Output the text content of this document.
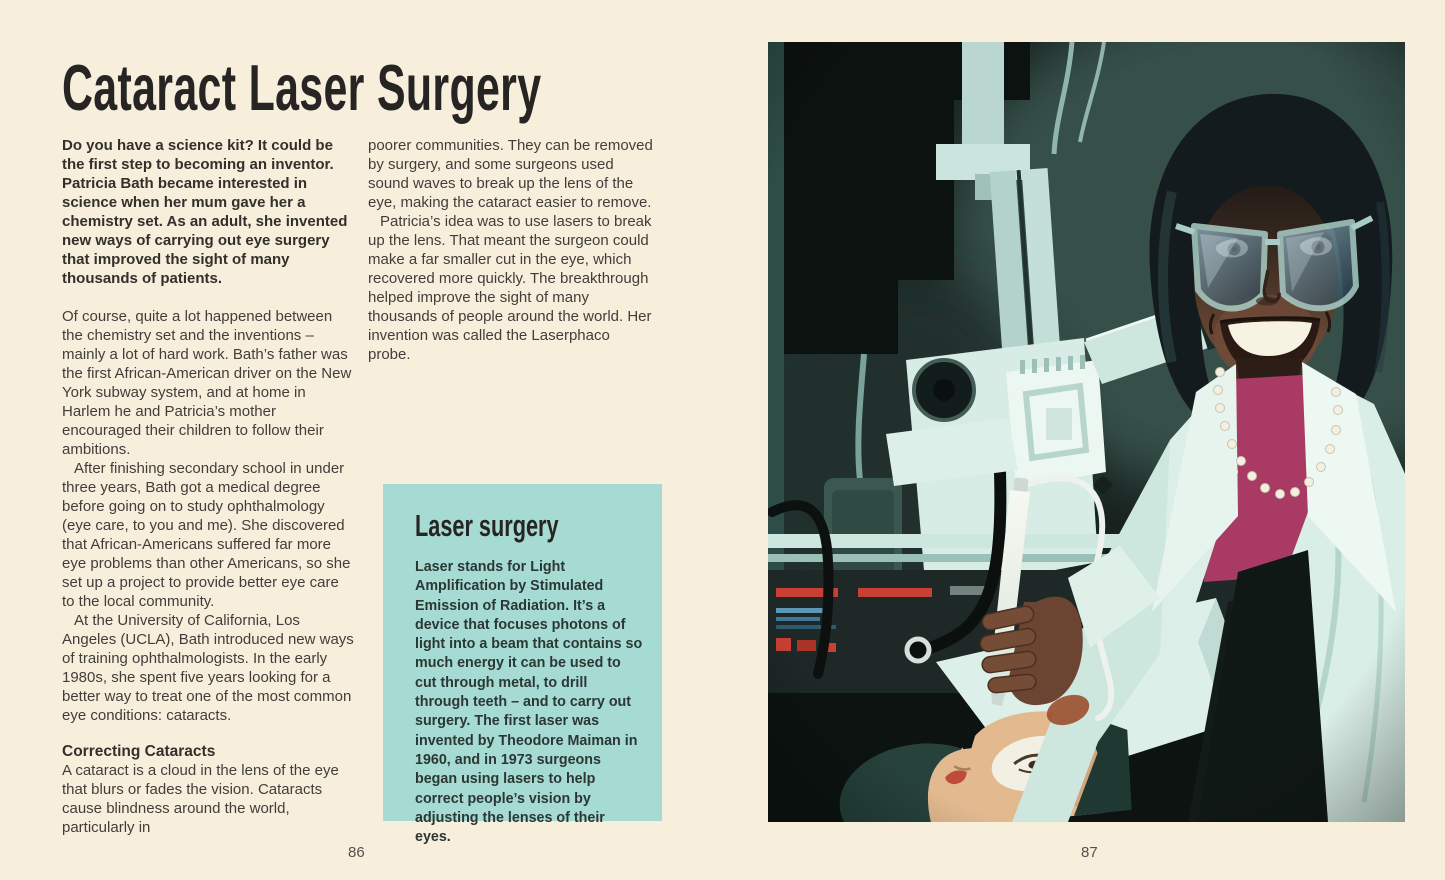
Cataract Laser Surgery

Do you have a science kit? It could be the first step to becoming an inventor. Patricia Bath became interested in science when her mum gave her a chemistry set. As an adult, she invented new ways of carrying out eye surgery that improved the sight of many thousands of patients.

Of course, quite a lot happened between the chemistry set and the inventions – mainly a lot of hard work. Bath’s father was the first African-American driver on the New York subway system, and at home in Harlem he and Patricia’s mother encouraged their children to follow their ambitions.

After finishing secondary school in under three years, Bath got a medical degree before going on to study ophthalmology (eye care, to you and me). She discovered that African-Americans suffered far more eye problems than other Americans, so she set up a project to provide better eye care to the local community.

At the University of California, Los Angeles (UCLA), Bath introduced new ways of training ophthalmologists. In the early 1980s, she spent five years looking for a better way to treat one of the most common eye conditions: cataracts.

Correcting Cataracts

A cataract is a cloud in the lens of the eye that blurs or fades the vision. Cataracts cause blindness around the world, particularly in

poorer communities. They can be removed by surgery, and some surgeons used sound waves to break up the lens of the eye, making the cataract easier to remove.

Patricia’s idea was to use lasers to break up the lens. That meant the surgeon could make a far smaller cut in the eye, which recovered more quickly. The breakthrough helped improve the sight of many thousands of people around the world. Her invention was called the Laserphaco probe.

Laser surgery

Laser stands for Light Amplification by Stimulated Emission of Radiation. It’s a device that focuses photons of light into a beam that contains so much energy it can be used to cut through metal, to drill through teeth – and to carry out surgery. The first laser was invented by Theodore Maiman in 1960, and in 1973 surgeons began using lasers to help correct people’s vision by adjusting the lenses of their eyes.

86	87
